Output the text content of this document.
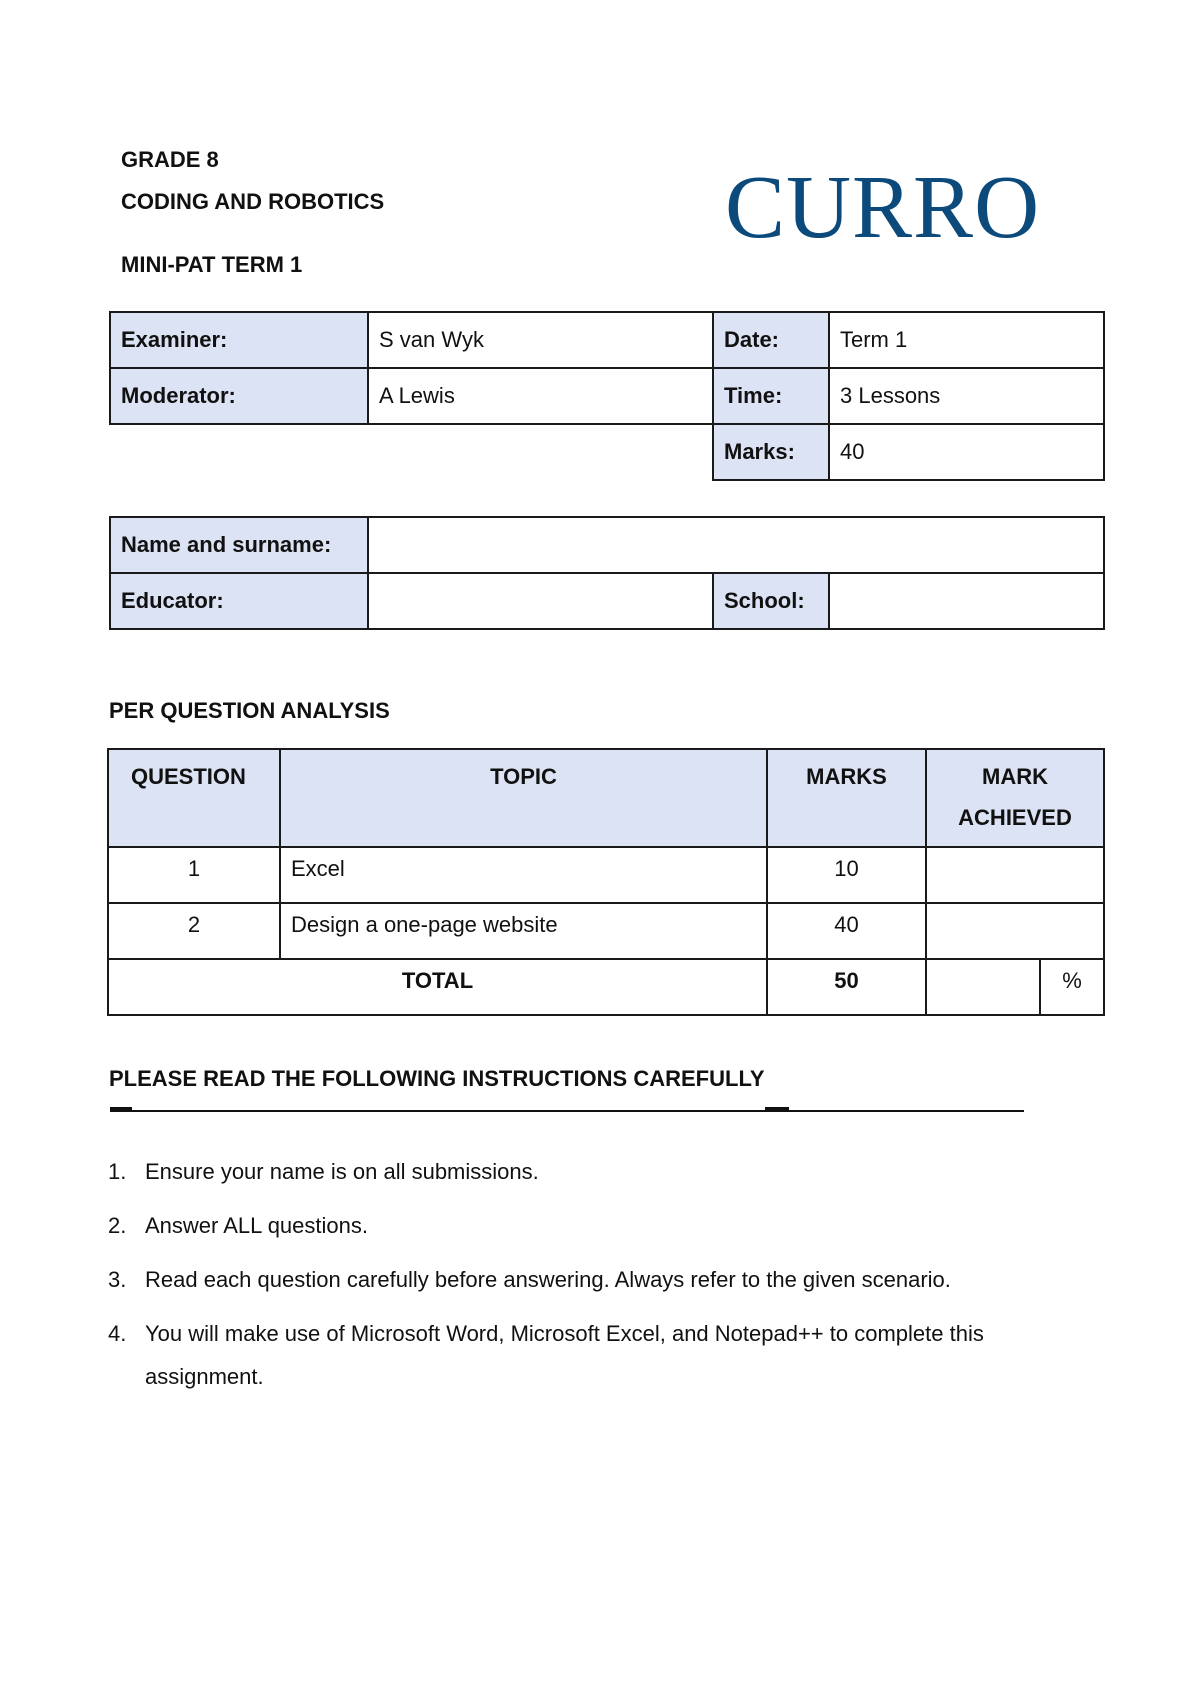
GRADE 8
CODING AND ROBOTICS
MINI-PAT TERM 1
CURRO
Examiner:	S van Wyk	Date:	Term 1
Moderator:	A Lewis	Time:	3 Lessons
		Marks:	40
Name and surname:			
Educator:		School:	
PER QUESTION ANALYSIS
QUESTION	TOPIC	MARKS	MARK
ACHIEVED	
1	Excel	10		
2	Design a one-page website	40		
TOTAL		50		%
PLEASE READ THE FOLLOWING INSTRUCTIONS CAREFULLY
1. Ensure your name is on all submissions.
2. Answer ALL questions.
3. Read each question carefully before answering. Always refer to the given scenario.
4. You will make use of Microsoft Word, Microsoft Excel, and Notepad++ to complete this assignment.
